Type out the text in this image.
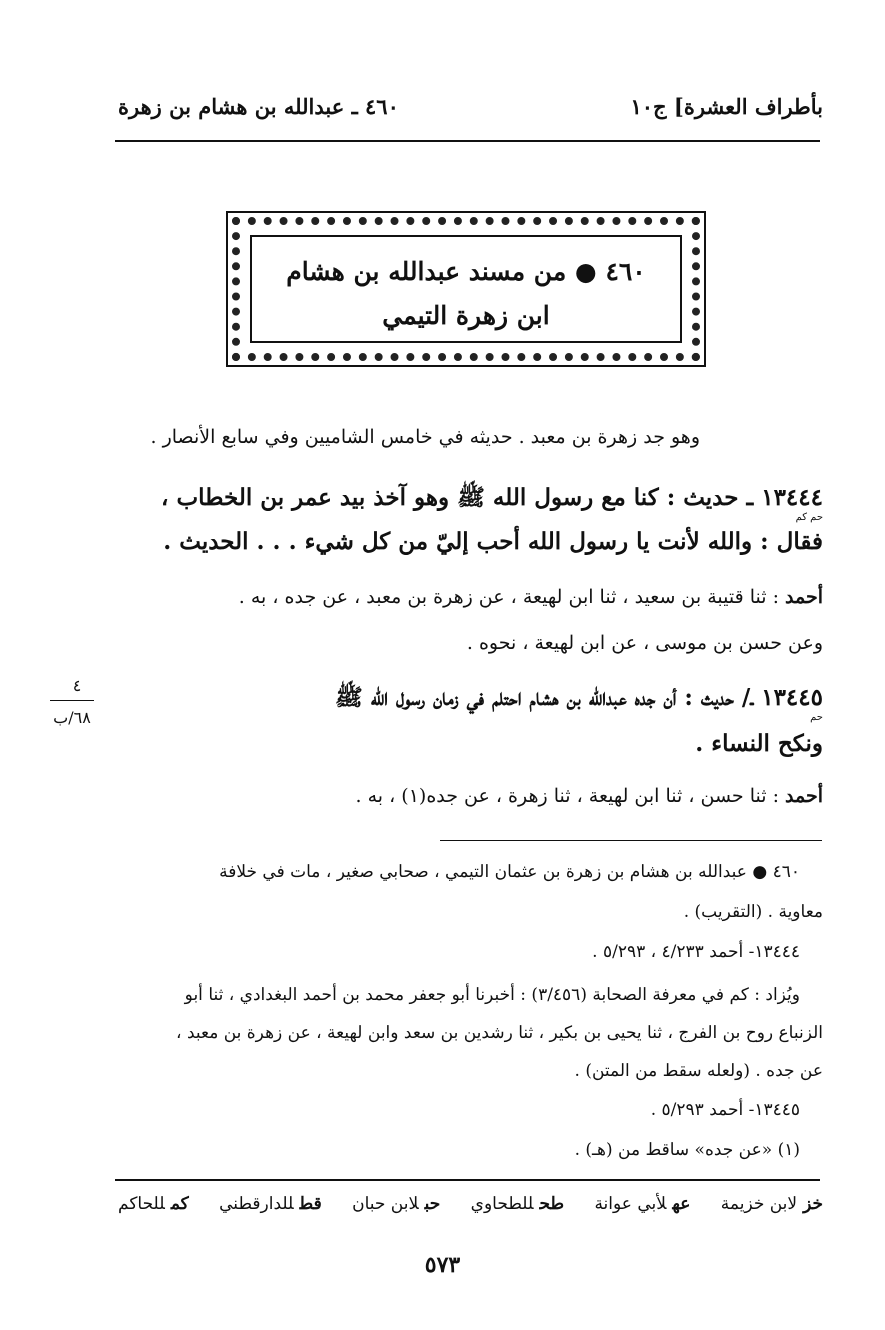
بأطراف العشرة] ج١٠
٤٦٠ ـ عبدالله بن هشام بن زهرة
٤٦٠ ● من مسند عبدالله بن هشام
ابن زهرة التيمي
وهو جد زهرة بن معبد . حديثه في خامس الشاميين وفي سابع الأنصار .
١٣٤٤٤ ـ حديث : كنا مع رسول الله ﷺ وهو آخذ بيد عمر بن الخطاب ،
حم كم
فقال : والله لأنت يا رسول الله أحب إليّ من كل شيء . . . الحديث .
أحمد : ثنا قتيبة بن سعيد ، ثنا ابن لهيعة ، عن زهرة بن معبد ، عن جده ، به .
وعن حسن بن موسى ، عن ابن لهيعة ، نحوه .
١٣٤٤٥ ـ/ حديث : أن جده عبدالله بن هشام احتلم في زمان رسول الله ﷺ
حم
ونكح النساء .
أحمد : ثنا حسن ، ثنا ابن لهيعة ، ثنا زهرة ، عن جده(١) ، به .
٤
٦٨/ب
٤٦٠ ● عبدالله بن هشام بن زهرة بن عثمان التيمي ، صحابي صغير ، مات في خلافة
معاوية . (التقريب) .
١٣٤٤٤- أحمد ٤/٢٣٣ ، ٥/٢٩٣ .
ويُزاد : كم في معرفة الصحابة (٣/٤٥٦) : أخبرنا أبو جعفر محمد بن أحمد البغدادي ، ثنا أبو
الزنباع روح بن الفرج ، ثنا يحيى بن بكير ، ثنا رشدين بن سعد وابن لهيعة ، عن زهرة بن معبد ،
عن جده . (ولعله سقط من المتن) .
١٣٤٤٥- أحمد ٥/٢٩٣ .
(١) «عن جده» ساقط من (هـ) .
خزلابن خزيمة
عهلأبي عوانة
طحللطحاوي
حبلابن حبان
قطللدارقطني
كمللحاكم
٥٧٣
